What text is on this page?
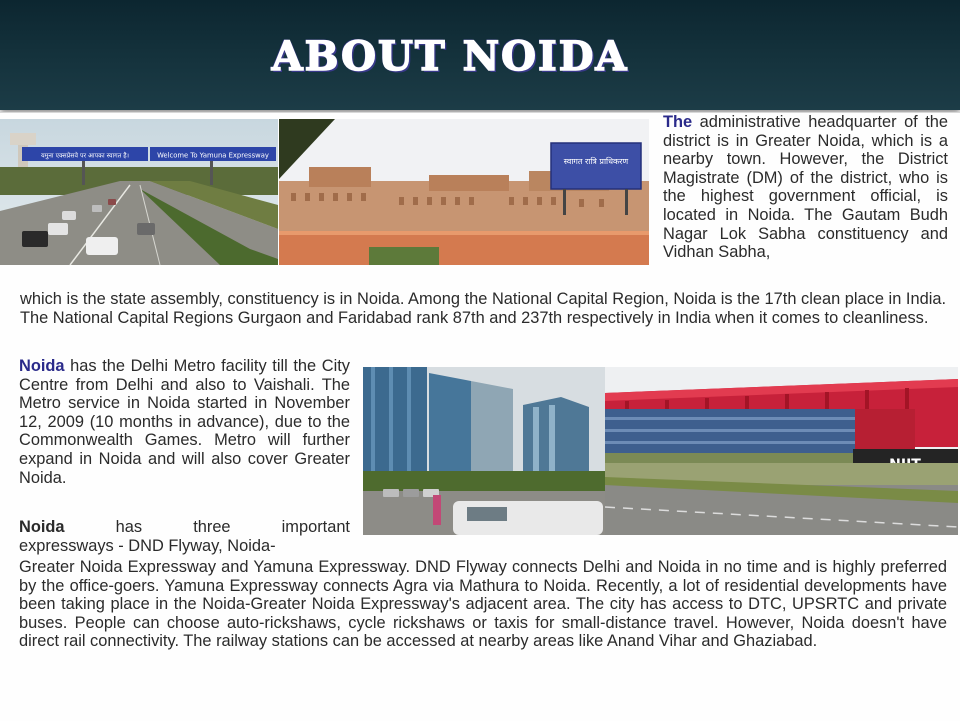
ABOUT NOIDA
यमुना एक्सप्रेसवे पर आपका स्वागत है।	Welcome To Yamuna Expressway
स्वागत रात्रि प्राधिकरण

The administrative headquarter of the district is in Greater Noida, which is a nearby town. However, the District Magistrate (DM) of the district, who is the highest government official, is located in Noida. The Gautam Budh Nagar Lok Sabha constituency and Vidhan Sabha,

which is the state assembly, constituency is in Noida. Among the National Capital Region, Noida is the 17th clean place in India. The National Capital Regions Gurgaon and Faridabad rank 87th and 237th respectively in India when it comes to cleanliness.

Noida has the Delhi Metro facility till the City Centre from Delhi and also to Vaishali. The Metro service in Noida started in November 12, 2009 (10 months in advance), due to the Commonwealth Games. Metro will further expand in Noida and will also cover Greater Noida.

Noida has three important
expressways - DND Flyway, Noida-

Greater Noida Expressway and Yamuna Expressway. DND Flyway connects Delhi and Noida in no time and is highly preferred by the office-goers. Yamuna Expressway connects Agra via Mathura to Noida. Recently, a lot of residential developments have been taking place in the Noida-Greater Noida Expressway's adjacent area. The city has access to DTC, UPSRTC and private buses. People can choose auto-rickshaws, cycle rickshaws or taxis for small-distance travel. However, Noida doesn't have direct rail connectivity. The railway stations can be accessed at nearby areas like Anand Vihar and Ghaziabad.
